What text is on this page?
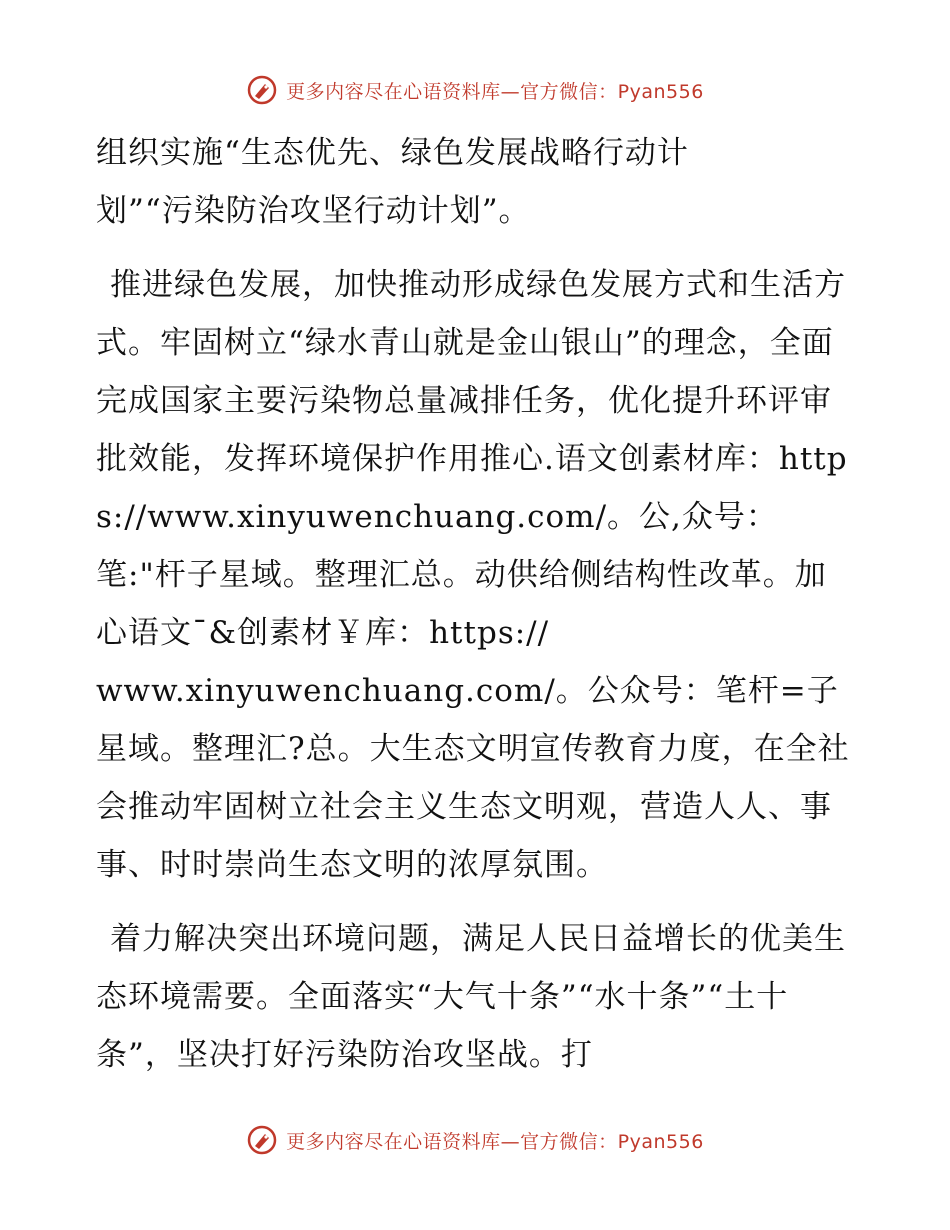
更多内容尽在心语资料库—官方微信：Pyan556

组织实施“生态优先、绿色发展战略行动计
划”“污染防治攻坚行动计划”。

推进绿色发展，加快推动形成绿色发展方式和生活方式。牢固树立“绿水青山就是金山银山”的理念，全面完成国家主要污染物总量减排任务，优化提升环评审批效能，发挥环境保护作用推心.语文创素材库：https://www.xinyuwenchuang.com/。公,众号：笔:"杆子星域。整理汇总。动供给侧结构性改革。加心语文¯&创素材￥库：https://
www.xinyuwenchuang.com/。公众号：笔杆=子星域。整理汇?总。大生态文明宣传教育力度，在全社会推动牢固树立社会主义生态文明观，营造人人、事事、时时崇尚生态文明的浓厚氛围。

着力解决突出环境问题，满足人民日益增长的优美生态环境需要。全面落实“大气十条”“水十条”“土十条”，坚决打好污染防治攻坚战。打

更多内容尽在心语资料库—官方微信：Pyan556
